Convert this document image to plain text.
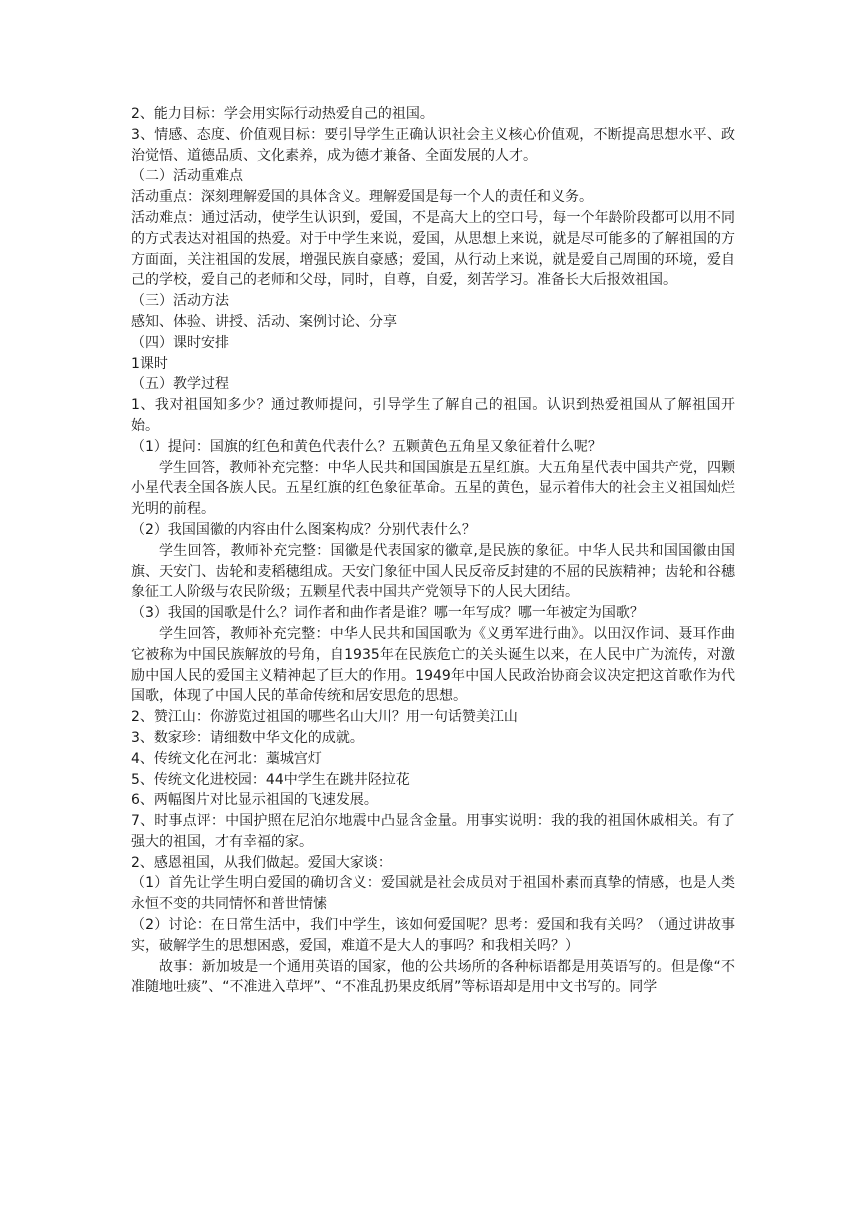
2、能力目标：学会用实际行动热爱自己的祖国。

3、情感、态度、价值观目标：要引导学生正确认识社会主义核心价值观，不断提高思想水平、政治觉悟、道德品质、文化素养，成为德才兼备、全面发展的人才。

（二）活动重难点

活动重点：深刻理解爱国的具体含义。理解爱国是每一个人的责任和义务。

活动难点：通过活动，使学生认识到，爱国，不是高大上的空口号，每一个年龄阶段都可以用不同的方式表达对祖国的热爱。对于中学生来说，爱国，从思想上来说，就是尽可能多的了解祖国的方方面面，关注祖国的发展，增强民族自豪感；爱国，从行动上来说，就是爱自己周围的环境，爱自己的学校，爱自己的老师和父母，同时，自尊，自爱，刻苦学习。准备长大后报效祖国。

（三）活动方法

感知、体验、讲授、活动、案例讨论、分享

（四）课时安排

1课时

（五）教学过程

1、我对祖国知多少？通过教师提问，引导学生了解自己的祖国。认识到热爱祖国从了解祖国开始。

（1）提问：国旗的红色和黄色代表什么？五颗黄色五角星又象征着什么呢？

学生回答，教师补充完整：中华人民共和国国旗是五星红旗。大五角星代表中国共产党，四颗小星代表全国各族人民。五星红旗的红色象征革命。五星的黄色，显示着伟大的社会主义祖国灿烂光明的前程。

（2）我国国徽的内容由什么图案构成？分别代表什么？

学生回答，教师补充完整：国徽是代表国家的徽章,是民族的象征。中华人民共和国国徽由国旗、天安门、齿轮和麦稻穗组成。天安门象征中国人民反帝反封建的不屈的民族精神；齿轮和谷穗象征工人阶级与农民阶级；五颗星代表中国共产党领导下的人民大团结。

（3）我国的国歌是什么？词作者和曲作者是谁？哪一年写成？哪一年被定为国歌？

学生回答，教师补充完整：中华人民共和国国歌为《义勇军进行曲》。以田汉作词、聂耳作曲它被称为中国民族解放的号角，自1935年在民族危亡的关头诞生以来，在人民中广为流传，对激励中国人民的爱国主义精神起了巨大的作用。1949年中国人民政治协商会议决定把这首歌作为代国歌，体现了中国人民的革命传统和居安思危的思想。

2、赞江山：你游览过祖国的哪些名山大川？用一句话赞美江山

3、数家珍：请细数中华文化的成就。

4、传统文化在河北：藁城宫灯

5、传统文化进校园：44中学生在跳井陉拉花

6、两幅图片对比显示祖国的飞速发展。

7、时事点评：中国护照在尼泊尔地震中凸显含金量。用事实说明：我的我的祖国休戚相关。有了强大的祖国，才有幸福的家。

2、感恩祖国，从我们做起。爱国大家谈：

（1）首先让学生明白爱国的确切含义：爱国就是社会成员对于祖国朴素而真挚的情感，也是人类永恒不变的共同情怀和普世情愫

（2）讨论：在日常生活中，我们中学生，该如何爱国呢？思考：爱国和我有关吗？（通过讲故事实，破解学生的思想困惑，爱国，难道不是大人的事吗？和我相关吗？）

故事：新加坡是一个通用英语的国家，他的公共场所的各种标语都是用英语写的。但是像“不准随地吐痰”、“不准进入草坪”、“不准乱扔果皮纸屑”等标语却是用中文书写的。同学
